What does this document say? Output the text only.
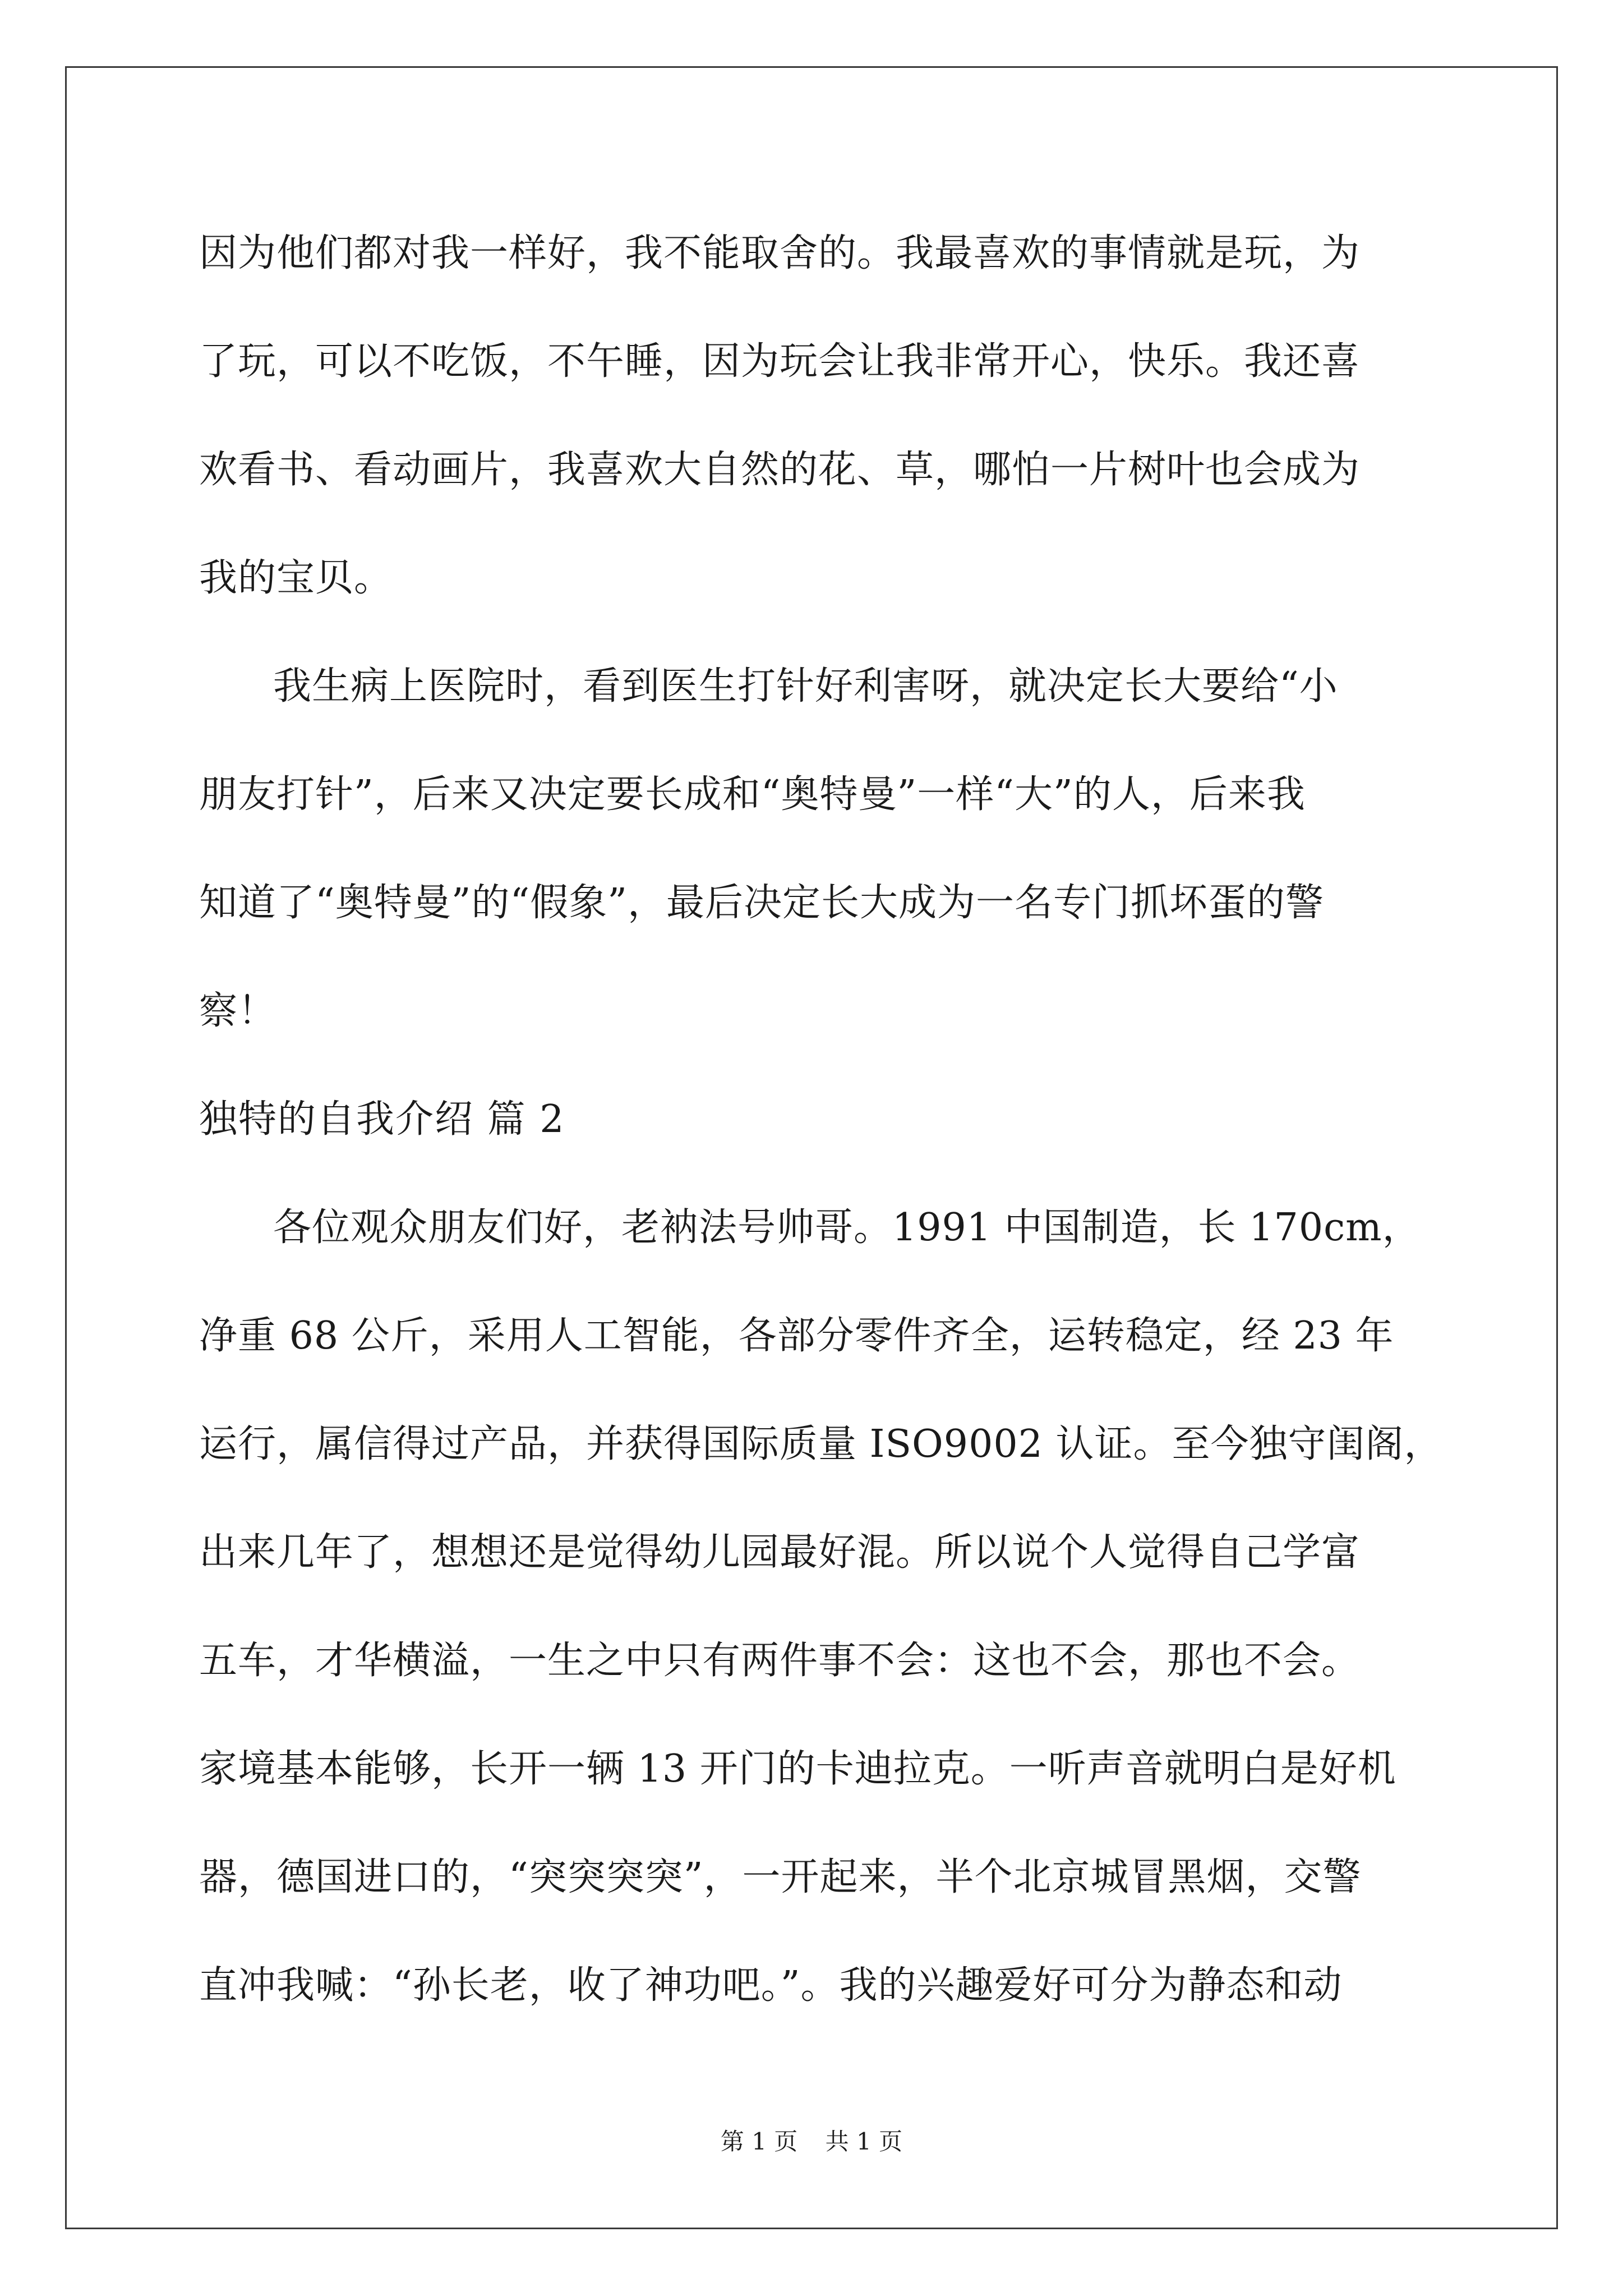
因为他们都对我一样好，我不能取舍的。我最喜欢的事情就是玩，为
了玩，可以不吃饭，不午睡，因为玩会让我非常开心，快乐。我还喜
欢看书、看动画片，我喜欢大自然的花、草，哪怕一片树叶也会成为
我的宝贝。
我生病上医院时，看到医生打针好利害呀，就决定长大要给“小
朋友打针”，后来又决定要长成和“奥特曼”一样“大”的人，后来我
知道了“奥特曼”的“假象”，最后决定长大成为一名专门抓坏蛋的警
察！
独特的自我介绍 篇 2
各位观众朋友们好，老衲法号帅哥。1991 中国制造，长 170cm，
净重 68 公斤，采用人工智能，各部分零件齐全，运转稳定，经 23 年
运行，属信得过产品，并获得国际质量 ISO9002 认证。至今独守闺阁，
出来几年了，想想还是觉得幼儿园最好混。所以说个人觉得自己学富
五车，才华横溢，一生之中只有两件事不会：这也不会，那也不会。
家境基本能够，长开一辆 13 开门的卡迪拉克。一听声音就明白是好机
器，德国进口的，“突突突突”，一开起来，半个北京城冒黑烟，交警
直冲我喊：“孙长老，收了神功吧。”。我的兴趣爱好可分为静态和动
第 1 页 共 1 页
